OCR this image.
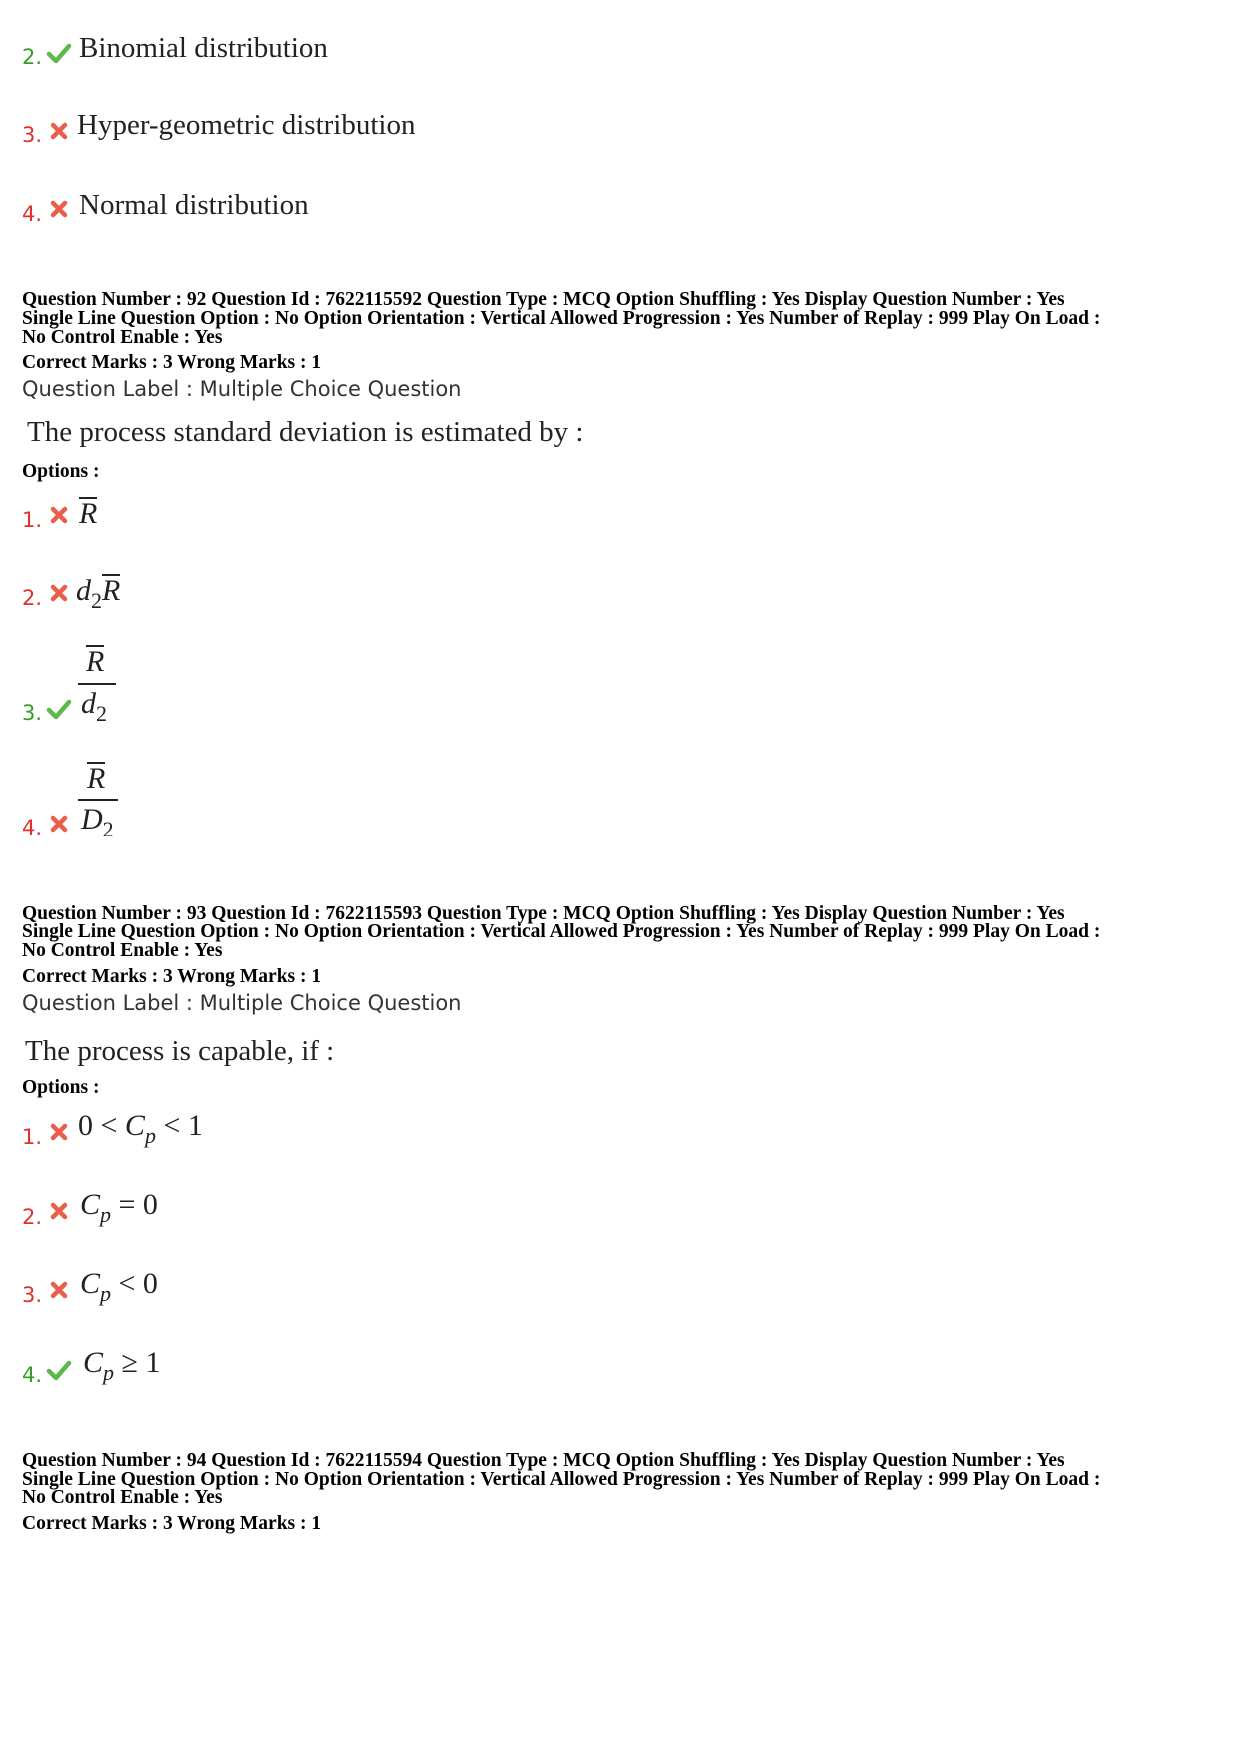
2. Binomial distribution
3. Hyper-geometric distribution
4. Normal distribution
Question Number : 92 Question Id : 7622115592 Question Type : MCQ Option Shuffling : Yes Display Question Number : Yes
Single Line Question Option : No Option Orientation : Vertical Allowed Progression : Yes Number of Replay : 999 Play On Load :
No Control Enable : Yes
Correct Marks : 3 Wrong Marks : 1
Question Label : Multiple Choice Question
The process standard deviation is estimated by :
Options :
1. R
2. $d_2R$
3.
R
$d_2$
4.
R
$D_2$
Question Number : 93 Question Id : 7622115593 Question Type : MCQ Option Shuffling : Yes Display Question Number : Yes
Single Line Question Option : No Option Orientation : Vertical Allowed Progression : Yes Number of Replay : 999 Play On Load :
No Control Enable : Yes
Correct Marks : 3 Wrong Marks : 1
Question Label : Multiple Choice Question
The process is capable, if :
Options :
1. $0 < C_p < 1$
2. $C_p = 0$
3. $C_p < 0$
4. $C_p \ge 1$
Question Number : 94 Question Id : 7622115594 Question Type : MCQ Option Shuffling : Yes Display Question Number : Yes
Single Line Question Option : No Option Orientation : Vertical Allowed Progression : Yes Number of Replay : 999 Play On Load :
No Control Enable : Yes
Correct Marks : 3 Wrong Marks : 1
